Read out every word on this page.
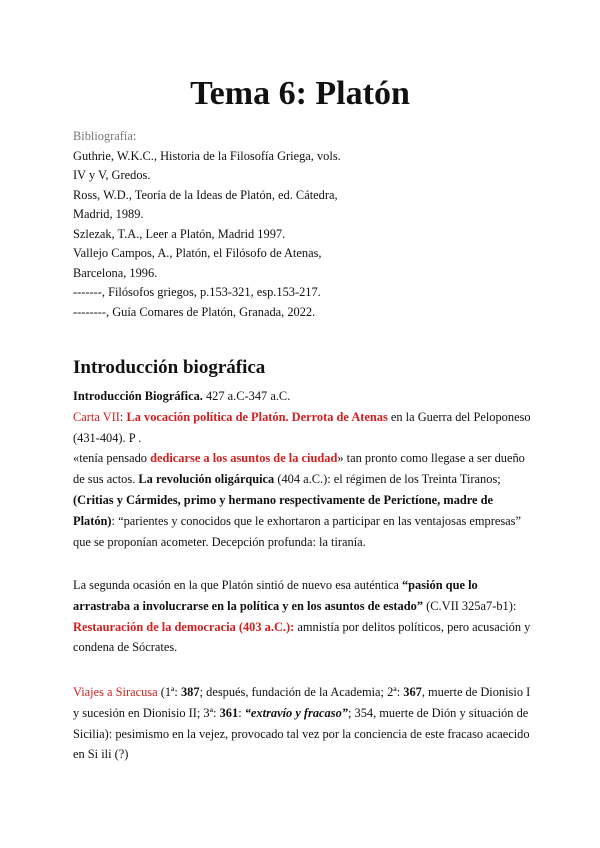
Tema 6: Platón
Bibliografía:
Guthrie, W.K.C., Historia de la Filosofía Griega, vols.
IV y V, Gredos.
Ross, W.D., Teoría de la Ideas de Platón, ed. Cátedra,
Madrid, 1989.
Szlezak, T.A., Leer a Platón, Madrid 1997.
Vallejo Campos, A., Platón, el Filósofo de Atenas,
Barcelona, 1996.
-------, Filósofos griegos, p.153-321, esp.153-217.
--------, Guía Comares de Platón, Granada, 2022.
Introducción biográfica

Introducción Biográfica. 427 a.C-347 a.C.

Carta VII: La vocación política de Platón. Derrota de Atenas en la Guerra del Peloponeso (431-404). P .

«tenía pensado dedicarse a los asuntos de la ciudad» tan pronto como llegase a ser dueño de sus actos. La revolución oligárquica (404 a.C.): el régimen de los Treinta Tiranos; (Critias y Cármides, primo y hermano respectivamente de Perictíone, madre de Platón): “parientes y conocidos que le exhortaron a participar en las ventajosas empresas” que se proponían acometer. Decepción profunda: la tiranía.

La segunda ocasión en la que Platón sintió de nuevo esa auténtica “pasión que lo arrastraba a involucrarse en la política y en los asuntos de estado” (C.VII 325a7-b1): Restauración de la democracia (403 a.C.): amnistía por delitos políticos, pero acusación y condena de Sócrates.

Viajes a Siracusa (1ª: 387; después, fundación de la Academia; 2ª: 367, muerte de Dionisio I y sucesión en Dionisio II; 3ª: 361: “extravío y fracaso”; 354, muerte de Dión y situación de Sicilia): pesimismo en la vejez, provocado tal vez por la conciencia de este fracaso acaecido en Si ili (?)
